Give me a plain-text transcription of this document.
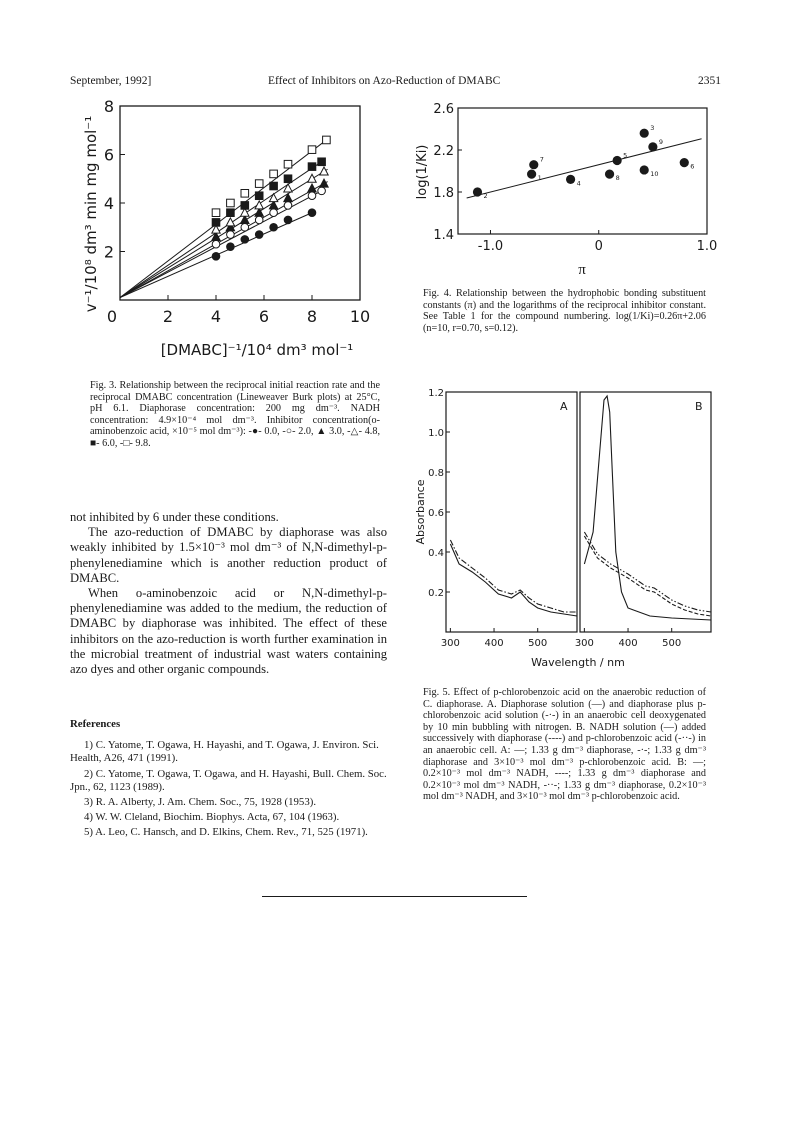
September, 1992]	Effect of Inhibitors on Azo-Reduction of DMABC	2351
2
4
6
8
0	2 4 6 8 10
v⁻¹/10⁸ dm³ min mg mol⁻¹
[DMABC]⁻¹/10⁴ dm³ mol⁻¹
Fig. 3. Relationship between the reciprocal initial reaction rate and the reciprocal DMABC concentration (Lineweaver Burk plots) at 25°C, pH 6.1. Diaphorase concentration: 200 mg dm⁻³. NADH concentration: 4.9×10⁻⁴ mol dm⁻³. Inhibitor concentration(o-aminobenzoic acid, ×10⁻⁵ mol dm⁻³): -●- 0.0, -○- 2.0, ▲ 3.0, -△- 4.8, ■- 6.0, -□- 9.8.
1.4
1.8
2.2
2.6
-1.0	0	1.0
1
2
3
4
5
6
7
8
9
10
log(1/Ki)
π
Fig. 4. Relationship between the hydrophobic bonding substituent constants (π) and the logarithms of the reciprocal inhibitor constant. See Table 1 for the compound numbering. log(1/Ki)=0.26π+2.06 (n=10, r=0.70, s=0.12).
A	B
0.2
0.4
0.6
0.8
1.0
1.2
300 400 500	300 400 500
Absorbance
Wavelength / nm
Fig. 5. Effect of p-chlorobenzoic acid on the anaerobic reduction of C. diaphorase. A. Diaphorase solution (—) and diaphorase plus p-chlorobenzoic acid solution (-·-) in an anaerobic cell deoxygenated by 10 min bubbling with nitrogen. B. NADH solution (—) added successively with diaphorase (----) and p-chlorobenzoic acid (-··-) in an anaerobic cell. A: —; 1.33 g dm⁻³ diaphorase, -·-; 1.33 g dm⁻³ diaphorase and 3×10⁻³ mol dm⁻³ p-chlorobenzoic acid. B: —; 0.2×10⁻³ mol dm⁻³ NADH, ----; 1.33 g dm⁻³ diaphorase and 0.2×10⁻³ mol dm⁻³ NADH, -··-; 1.33 g dm⁻³ diaphorase, 0.2×10⁻³ mol dm⁻³ NADH, and 3×10⁻³ mol dm⁻³ p-chlorobenzoic acid.

not inhibited by 6 under these conditions.

The azo-reduction of DMABC by diaphorase was also weakly inhibited by 1.5×10⁻³ mol dm⁻³ of N,N-dimethyl-p-phenylenediamine which is another reduction product of DMABC.

When o-aminobenzoic acid or N,N-dimethyl-p-phenylenediamine was added to the medium, the reduction of DMABC by diaphorase was inhibited. The effect of these inhibitors on the azo-reduction is worth further examination in the microbial treatment of industrial wast waters containing azo dyes and other organic compounds.

References

1) C. Yatome, T. Ogawa, H. Hayashi, and T. Ogawa, J. Environ. Sci. Health, A26, 471 (1991).

2) C. Yatome, T. Ogawa, T. Ogawa, and H. Hayashi, Bull. Chem. Soc. Jpn., 62, 1123 (1989).

3) R. A. Alberty, J. Am. Chem. Soc., 75, 1928 (1953).

4) W. W. Cleland, Biochim. Biophys. Acta, 67, 104 (1963).

5) A. Leo, C. Hansch, and D. Elkins, Chem. Rev., 71, 525 (1971).
